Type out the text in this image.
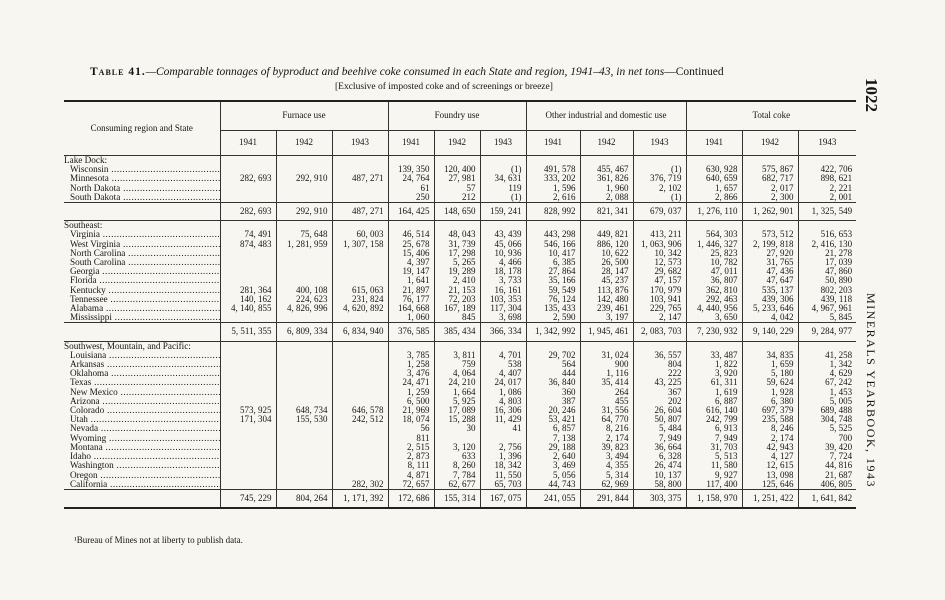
Table 41.—Comparable tonnages of byproduct and beehive coke consumed in each State and region, 1941–43, in net tons—Continued
[Exclusive of imposted coke and of screenings or breeze]	1022
MINERALS YEARBOOK, 1943
Consuming region and State	Furnace use			Foundry use			Other industrial and domestic use			Total coke		
	1941	1942	1943	1941	1942	1943	1941	1942	1943	1941	1942	1943
Lake Dock:												
Wisconsin .....				139, 350	120, 400	(1)	491, 578	455, 467	(1)	630, 928	575, 867	422, 706
Minnesota .....	282, 693	292, 910	487, 271	24, 764	27, 981	34, 631	333, 202	361, 826	376, 719	640, 659	682, 717	898, 621
North Dakota .....				61	57	119	1, 596	1, 960	2, 102	1, 657	2, 017	2, 221
South Dakota .....				250	212	(1)	2, 616	2, 088	(1)	2, 866	2, 300	2, 001
	282, 693	292, 910	487, 271	164, 425	148, 650	159, 241	828, 992	821, 341	679, 037	1, 276, 110	1, 262, 901	1, 325, 549
Southeast:												
Virginia .....	74, 491	75, 648	60, 003	46, 514	48, 043	43, 439	443, 298	449, 821	413, 211	564, 303	573, 512	516, 653
West Virginia .....	874, 483	1, 281, 959	1, 307, 158	25, 678	31, 739	45, 066	546, 166	886, 120	1, 063, 906	1, 446, 327	2, 199, 818	2, 416, 130
North Carolina .....				15, 406	17, 298	10, 936	10, 417	10, 622	10, 342	25, 823	27, 920	21, 278
South Carolina .....				4, 397	5, 265	4, 466	6, 385	26, 500	12, 573	10, 782	31, 765	17, 039
Georgia .....				19, 147	19, 289	18, 178	27, 864	28, 147	29, 682	47, 011	47, 436	47, 860
Florida .....				1, 641	2, 410	3, 733	35, 166	45, 237	47, 157	36, 807	47, 647	50, 890
Kentucky .....	281, 364	400, 108	615, 063	21, 897	21, 153	16, 161	59, 549	113, 876	170, 979	362, 810	535, 137	802, 203
Tennessee .....	140, 162	224, 623	231, 824	76, 177	72, 203	103, 353	76, 124	142, 480	103, 941	292, 463	439, 306	439, 118
Alabama .....	4, 140, 855	4, 826, 996	4, 620, 892	164, 668	167, 189	117, 304	135, 433	239, 461	229, 765	4, 440, 956	5, 233, 646	4, 967, 961
Mississippi .....				1, 060	845	3, 698	2, 590	3, 197	2, 147	3, 650	4, 042	5, 845
	5, 511, 355	6, 809, 334	6, 834, 940	376, 585	385, 434	366, 334	1, 342, 992	1, 945, 461	2, 083, 703	7, 230, 932	9, 140, 229	9, 284, 977
Southwest, Mountain, and Pacific:												
Louisiana .....				3, 785	3, 811	4, 701	29, 702	31, 024	36, 557	33, 487	34, 835	41, 258
Arkansas .....				1, 258	759	538	564	900	804	1, 822	1, 659	1, 342
Oklahoma .....				3, 476	4, 064	4, 407	444	1, 116	222	3, 920	5, 180	4, 629
Texas .....				24, 471	24, 210	24, 017	36, 840	35, 414	43, 225	61, 311	59, 624	67, 242
New Mexico .....				1, 259	1, 664	1, 086	360	264	367	1, 619	1, 928	1, 453
Arizona .....				6, 500	5, 925	4, 803	387	455	202	6, 887	6, 380	5, 005
Colorado .....	573, 925	648, 734	646, 578	21, 969	17, 089	16, 306	20, 246	31, 556	26, 604	616, 140	697, 379	689, 488
Utah .....	171, 304	155, 530	242, 512	18, 074	15, 288	11, 429	53, 421	64, 770	50, 807	242, 799	235, 588	304, 748
Nevada .....				56	30	41	6, 857	8, 216	5, 484	6, 913	8, 246	5, 525
Wyoming .....				811			7, 138	2, 174	7, 949	7, 949	2, 174	700
Montana .....				2, 515	3, 120	2, 756	29, 188	39, 823	36, 664	31, 703	42, 943	39, 420
Idaho .....				2, 873	633	1, 396	2, 640	3, 494	6, 328	5, 513	4, 127	7, 724
Washington .....				8, 111	8, 260	18, 342	3, 469	4, 355	26, 474	11, 580	12, 615	44, 816
Oregon .....				4, 871	7, 784	11, 550	5, 056	5, 314	10, 137	9, 927	13, 098	21, 687
California .....			282, 302	72, 657	62, 677	65, 703	44, 743	62, 969	58, 800	117, 400	125, 646	406, 805
	745, 229	804, 264	1, 171, 392	172, 686	155, 314	167, 075	241, 055	291, 844	303, 375	1, 158, 970	1, 251, 422	1, 641, 842
¹Bureau of Mines not at liberty to publish data.
